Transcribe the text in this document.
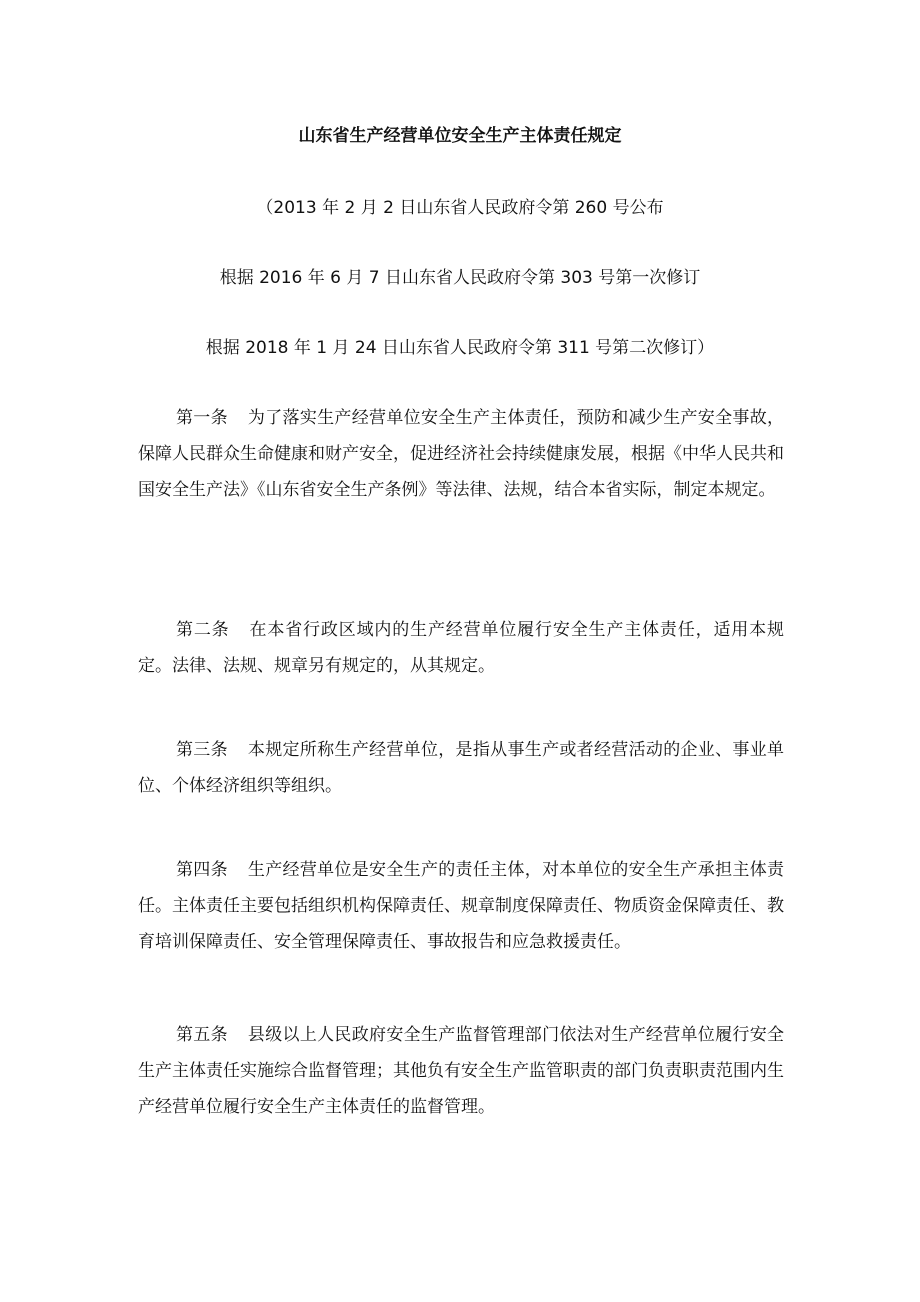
山东省生产经营单位安全生产主体责任规定
（2013 年 2 月 2 日山东省人民政府令第 260 号公布
根据 2016 年 6 月 7 日山东省人民政府令第 303 号第一次修订
根据 2018 年 1 月 24 日山东省人民政府令第 311 号第二次修订）

第一条 为了落实生产经营单位安全生产主体责任，预防和减少生产安全事故，保障人民群众生命健康和财产安全，促进经济社会持续健康发展，根据《中华人民共和国安全生产法》《山东省安全生产条例》等法律、法规，结合本省实际，制定本规定。

第二条 在本省行政区域内的生产经营单位履行安全生产主体责任，适用本规定。法律、法规、规章另有规定的，从其规定。

第三条 本规定所称生产经营单位，是指从事生产或者经营活动的企业、事业单位、个体经济组织等组织。

第四条 生产经营单位是安全生产的责任主体，对本单位的安全生产承担主体责任。主体责任主要包括组织机构保障责任、规章制度保障责任、物质资金保障责任、教育培训保障责任、安全管理保障责任、事故报告和应急救援责任。

第五条 县级以上人民政府安全生产监督管理部门依法对生产经营单位履行安全生产主体责任实施综合监督管理；其他负有安全生产监管职责的部门负责职责范围内生产经营单位履行安全生产主体责任的监督管理。
